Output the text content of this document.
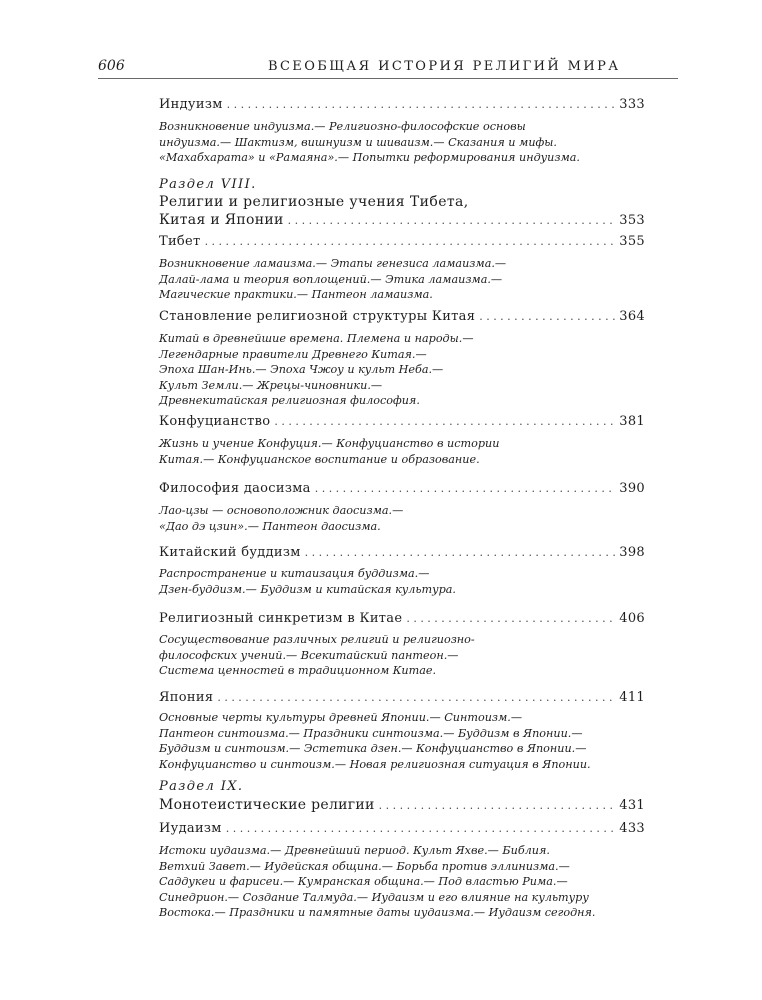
606	ВСЕОБЩАЯ ИСТОРИЯ РЕЛИГИЙ МИРА
Индуизм . . .	333
Возникновение индуизма.— Религиозно-философские основы
индуизма.— Шактизм, вишнуизм и шиваизм.— Сказания и мифы.
«Махабхарата» и «Рамаяна».— Попытки реформирования индуизма.
Раздел VIII.
Религии и религиозные учения Тибета,
Китая и Японии . . .	353
Тибет . . .	355
Возникновение ламаизма.— Этапы генезиса ламаизма.—
Далай-лама и теория воплощений.— Этика ламаизма.—
Магические практики.— Пантеон ламаизма.
Становление религиозной структуры Китая . . .	364
Китай в древнейшие времена. Племена и народы.—
Легендарные правители Древнего Китая.—
Эпоха Шан-Инь.— Эпоха Чжоу и культ Неба.—
Культ Земли.— Жрецы-чиновники.—
Древнекитайская религиозная философия.
Конфуцианство . . .	381
Жизнь и учение Конфуция.— Конфуцианство в истории
Китая.— Конфуцианское воспитание и образование.
Философия даосизма . . .	390
Лао-цзы — основоположник даосизма.—
«Дао дэ цзин».— Пантеон даосизма.
Китайский буддизм . . .	398
Распространение и китаизация буддизма.—
Дзен-буддизм.— Буддизм и китайская культура.
Религиозный синкретизм в Китае . . .	406
Сосуществование различных религий и религиозно-
философских учений.— Всекитайский пантеон.—
Система ценностей в традиционном Китае.
Япония . . .	411
Основные черты культуры древней Японии.— Синтоизм.—
Пантеон синтоизма.— Праздники синтоизма.— Буддизм в Японии.—
Буддизм и синтоизм.— Эстетика дзен.— Конфуцианство в Японии.—
Конфуцианство и синтоизм.— Новая религиозная ситуация в Японии.
Раздел IX.
Монотеистические религии . . .	431
Иудаизм . . .	433
Истоки иудаизма.— Древнейший период. Культ Яхве.— Библия.
Ветхий Завет.— Иудейская община.— Борьба против эллинизма.—
Саддукеи и фарисеи.— Кумранская община.— Под властью Рима.—
Синедрион.— Создание Талмуда.— Иудаизм и его влияние на культуру
Востока.— Праздники и памятные даты иудаизма.— Иудаизм сегодня.
